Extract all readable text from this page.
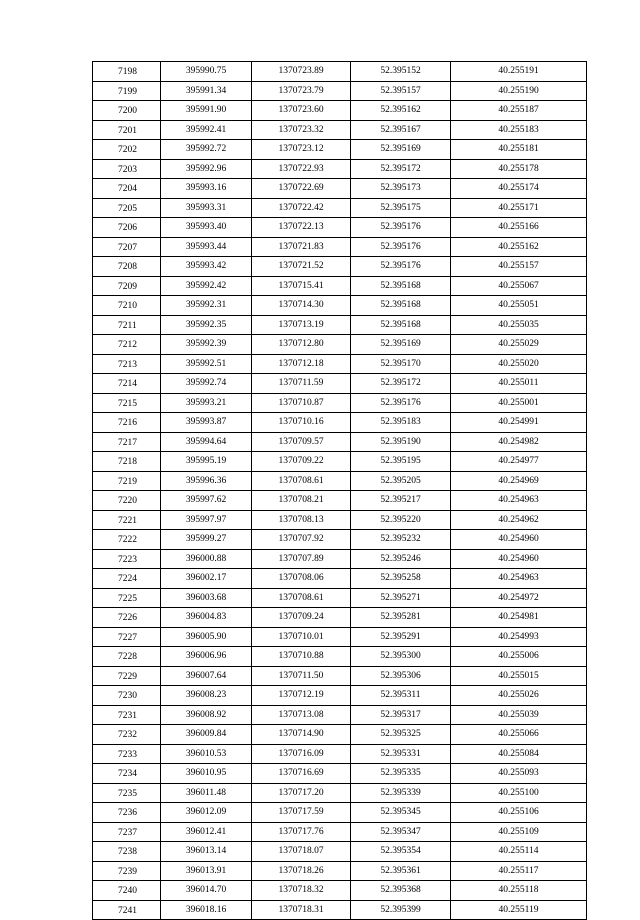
7198	395990.75	1370723.89	52.395152	40.255191
7199	395991.34	1370723.79	52.395157	40.255190
7200	395991.90	1370723.60	52.395162	40.255187
7201	395992.41	1370723.32	52.395167	40.255183
7202	395992.72	1370723.12	52.395169	40.255181
7203	395992.96	1370722.93	52.395172	40.255178
7204	395993.16	1370722.69	52.395173	40.255174
7205	395993.31	1370722.42	52.395175	40.255171
7206	395993.40	1370722.13	52.395176	40.255166
7207	395993.44	1370721.83	52.395176	40.255162
7208	395993.42	1370721.52	52.395176	40.255157
7209	395992.42	1370715.41	52.395168	40.255067
7210	395992.31	1370714.30	52.395168	40.255051
7211	395992.35	1370713.19	52.395168	40.255035
7212	395992.39	1370712.80	52.395169	40.255029
7213	395992.51	1370712.18	52.395170	40.255020
7214	395992.74	1370711.59	52.395172	40.255011
7215	395993.21	1370710.87	52.395176	40.255001
7216	395993.87	1370710.16	52.395183	40.254991
7217	395994.64	1370709.57	52.395190	40.254982
7218	395995.19	1370709.22	52.395195	40.254977
7219	395996.36	1370708.61	52.395205	40.254969
7220	395997.62	1370708.21	52.395217	40.254963
7221	395997.97	1370708.13	52.395220	40.254962
7222	395999.27	1370707.92	52.395232	40.254960
7223	396000.88	1370707.89	52.395246	40.254960
7224	396002.17	1370708.06	52.395258	40.254963
7225	396003.68	1370708.61	52.395271	40.254972
7226	396004.83	1370709.24	52.395281	40.254981
7227	396005.90	1370710.01	52.395291	40.254993
7228	396006.96	1370710.88	52.395300	40.255006
7229	396007.64	1370711.50	52.395306	40.255015
7230	396008.23	1370712.19	52.395311	40.255026
7231	396008.92	1370713.08	52.395317	40.255039
7232	396009.84	1370714.90	52.395325	40.255066
7233	396010.53	1370716.09	52.395331	40.255084
7234	396010.95	1370716.69	52.395335	40.255093
7235	396011.48	1370717.20	52.395339	40.255100
7236	396012.09	1370717.59	52.395345	40.255106
7237	396012.41	1370717.76	52.395347	40.255109
7238	396013.14	1370718.07	52.395354	40.255114
7239	396013.91	1370718.26	52.395361	40.255117
7240	396014.70	1370718.32	52.395368	40.255118
7241	396018.16	1370718.31	52.395399	40.255119
